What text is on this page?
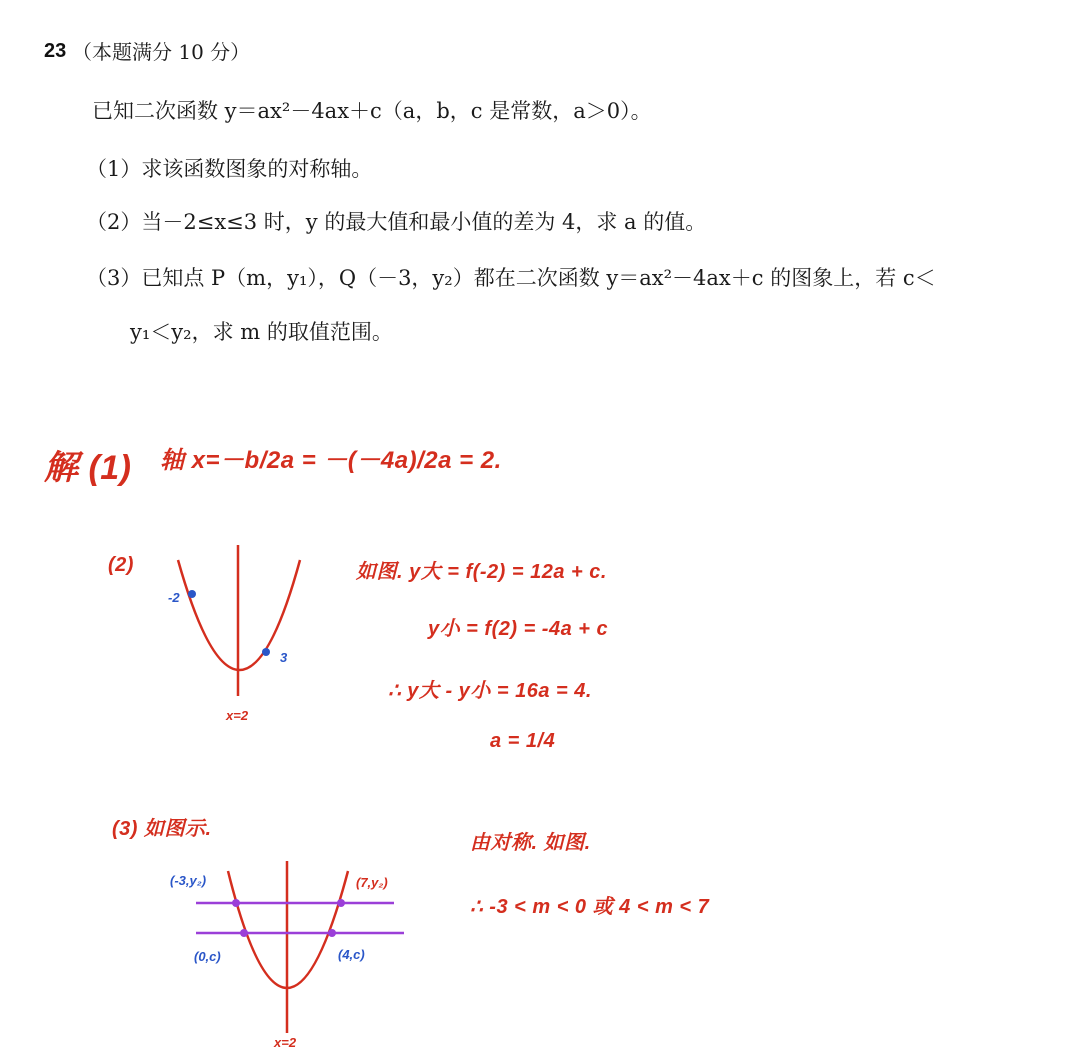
23 （本题满分 10 分）
已知二次函数 y＝ax²－4ax＋c（a，b，c 是常数，a＞0）。
（1）求该函数图象的对称轴。
（2）当－2≤x≤3 时，y 的最大值和最小值的差为 4，求 a 的值。
（3）已知点 P（m，y₁），Q（－3，y₂）都在二次函数 y＝ax²－4ax＋c 的图象上，若 c＜
y₁＜y₂，求 m 的取值范围。
解 (1) 轴 x=－b/2a = －(－4a)/2a = 2.
(2)
-2
3
x=2
如图. y大 = f(-2) = 12a + c.
y小 = f(2) = -4a + c
∴ y大 - y小 = 16a = 4.
a = 1/4
(3) 如图示.
(-3,y₂)	(7,y₂)
(0,c)	(4,c)
x=2
由对称. 如图.
∴ -3 < m < 0 或 4 < m < 7
